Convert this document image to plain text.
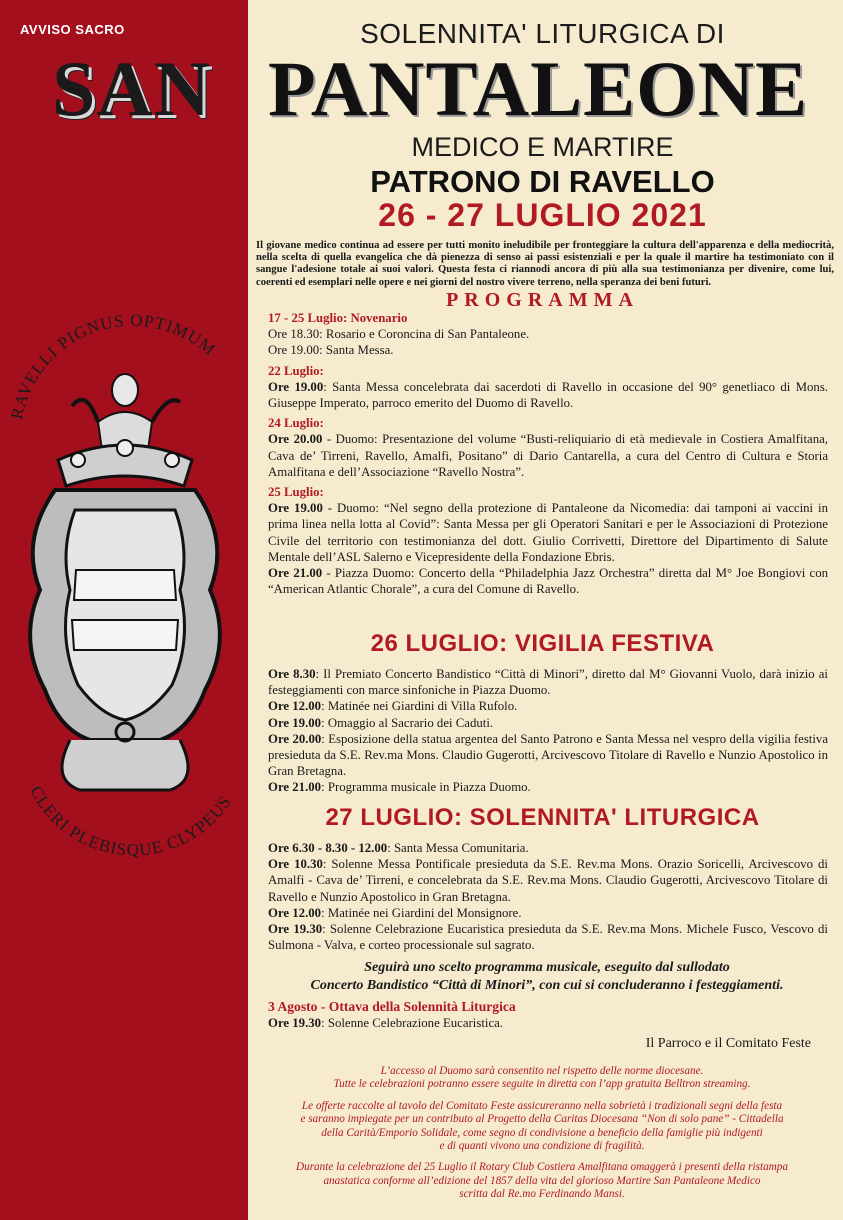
AVVISO SACRO	SOLENNITA' LITURGICA DI
SAN PANTALEONE
MEDICO E MARTIRE
PATRONO DI RAVELLO
26 - 27 LUGLIO 2021
Il giovane medico continua ad essere per tutti monito ineludibile per fronteggiare la cultura dell'apparenza e della mediocrità, nella scelta di quella evangelica che dà pienezza di senso ai passi esistenziali e per la quale il martire ha testimoniato con il sangue l'adesione totale ai suoi valori. Questa festa ci riannodi ancora di più alla sua testimonianza per divenire, come lui, coerenti ed esemplari nelle opere e nei giorni del nostro vivere terreno, nella speranza dei beni futuri.
PROGRAMMA
RAVELLI PIGNUS OPTIMUM
CLERI PLEBISQUE CLYPEUS

17 - 25 Luglio: Novenario

Ore 18.30: Rosario e Coroncina di San Pantaleone.

Ore 19.00: Santa Messa.

22 Luglio:

Ore 19.00: Santa Messa concelebrata dai sacerdoti di Ravello in occasione del 90° genetliaco di Mons. Giuseppe Imperato, parroco emerito del Duomo di Ravello.

24 Luglio:

Ore 20.00 - Duomo: Presentazione del volume “Busti-reliquiario di età medievale in Costiera Amalfitana, Cava de’ Tirreni, Ravello, Amalfi, Positano” di Dario Cantarella, a cura del Centro di Cultura e Storia Amalfitana e dell’Associazione “Ravello Nostra”.

25 Luglio:

Ore 19.00 - Duomo: “Nel segno della protezione di Pantaleone da Nicomedia: dai tamponi ai vaccini in prima linea nella lotta al Covid”: Santa Messa per gli Operatori Sanitari e per le Associazioni di Protezione Civile del territorio con testimonianza del dott. Giulio Corrivetti, Direttore del Dipartimento di Salute Mentale dell’ASL Salerno e Vicepresidente della Fondazione Ebris.

Ore 21.00 - Piazza Duomo: Concerto della “Philadelphia Jazz Orchestra” diretta dal M° Joe Bongiovi con “American Atlantic Chorale”, a cura del Comune di Ravello.

26 LUGLIO: VIGILIA FESTIVA

Ore 8.30: Il Premiato Concerto Bandistico “Città di Minori”, diretto dal M° Giovanni Vuolo, darà inizio ai festeggiamenti con marce sinfoniche in Piazza Duomo.

Ore 12.00: Matinée nei Giardini di Villa Rufolo.

Ore 19.00: Omaggio al Sacrario dei Caduti.

Ore 20.00: Esposizione della statua argentea del Santo Patrono e Santa Messa nel vespro della vigilia festiva presieduta da S.E. Rev.ma Mons. Claudio Gugerotti, Arcivescovo Titolare di Ravello e Nunzio Apostolico in Gran Bretagna.

Ore 21.00: Programma musicale in Piazza Duomo.

27 LUGLIO: SOLENNITA' LITURGICA

Ore 6.30 - 8.30 - 12.00: Santa Messa Comunitaria.

Ore 10.30: Solenne Messa Pontificale presieduta da S.E. Rev.ma Mons. Orazio Soricelli, Arcivescovo di Amalfi - Cava de’ Tirreni, e concelebrata da S.E. Rev.ma Mons. Claudio Gugerotti, Arcivescovo Titolare di Ravello e Nunzio Apostolico in Gran Bretagna.

Ore 12.00: Matinée nei Giardini del Monsignore.

Ore 19.30: Solenne Celebrazione Eucaristica presieduta da S.E. Rev.ma Mons. Michele Fusco, Vescovo di Sulmona - Valva, e corteo processionale sul sagrato.

Seguirà uno scelto programma musicale, eseguito dal sullodato
Concerto Bandistico “Città di Minori”, con cui si concluderanno i festeggiamenti.

3 Agosto - Ottava della Solennità Liturgica

Ore 19.30: Solenne Celebrazione Eucaristica.

Il Parroco e il Comitato Feste

L’accesso al Duomo sarà consentito nel rispetto delle norme diocesane.
Tutte le celebrazioni potranno essere seguite in diretta con l’app gratuita Belltron streaming.

Le offerte raccolte al tavolo del Comitato Feste assicureranno nella sobrietà i tradizionali segni della festa
e saranno impiegate per un contributo al Progetto della Caritas Diocesana “Non di solo pane” - Cittadella
della Carità/Emporio Solidale, come segno di condivisione a beneficio della famiglie più indigenti
e di quanti vivono una condizione di fragilità.

Durante la celebrazione del 25 Luglio il Rotary Club Costiera Amalfitana omaggerà i presenti della ristampa
anastatica conforme all’edizione del 1857 della vita del glorioso Martire San Pantaleone Medico
scritta dal Re.mo Ferdinando Mansi.
